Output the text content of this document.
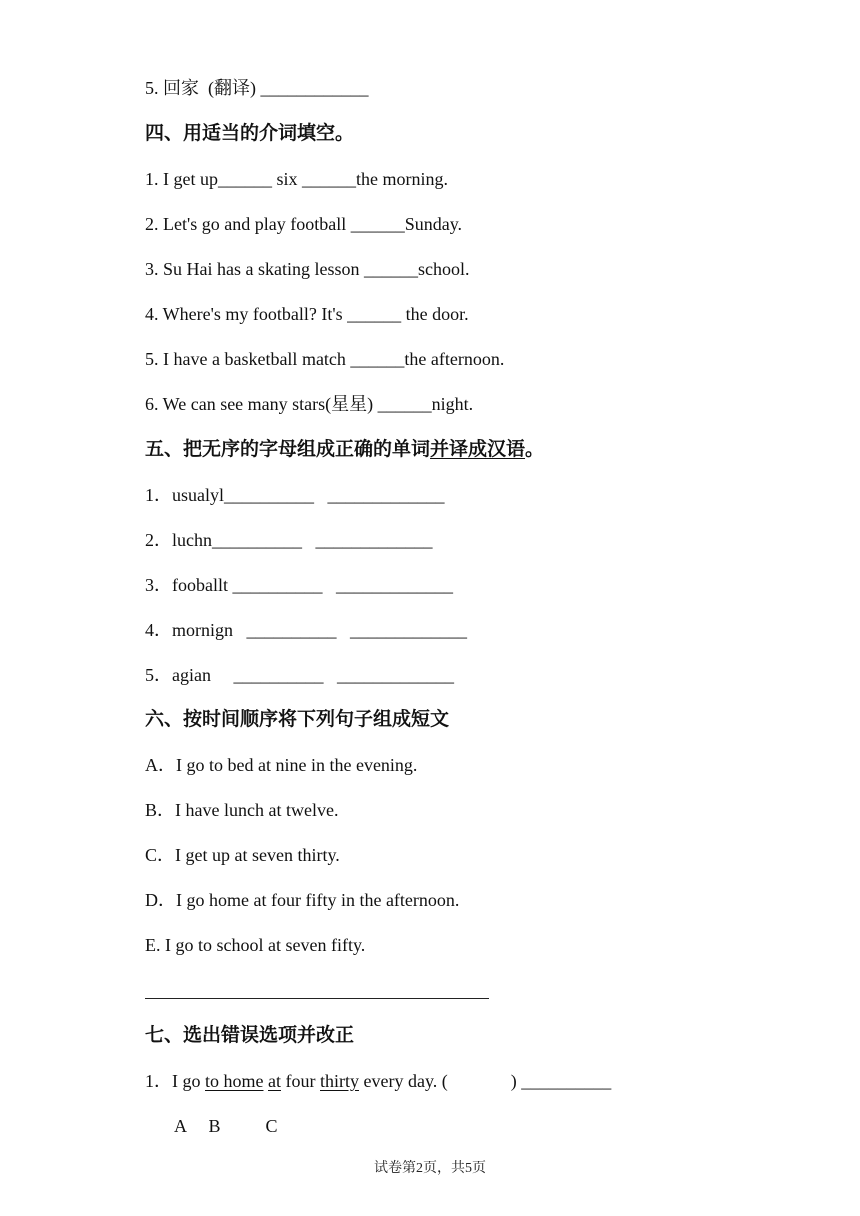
5. 回家  (翻译) ____________
四、用适当的介词填空。
1. I get up______ six ______the morning.
2. Let's go and play football ______Sunday.
3. Su Hai has a skating lesson ______school.
4. Where's my football? It's ______ the door.
5. I have a basketball match ______the afternoon.
6. We can see many stars(星星) ______night.
五、把无序的字母组成正确的单词并译成汉语。
1．usualyl__________   _____________
2．luchn__________   _____________
3．fooballt __________   _____________
4．mornign   __________   _____________
5．agian     __________   _____________
六、按时间顺序将下列句子组成短文
A．I go to bed at nine in the evening.
B．I have lunch at twelve.
C．I get up at seven thirty.
D．I go home at four fifty in the afternoon.
E. I go to school at seven fifty.
七、选出错误选项并改正
1．I go to home at four thirty every day. (              ) __________
A     B          C
试卷第2页，共5页
